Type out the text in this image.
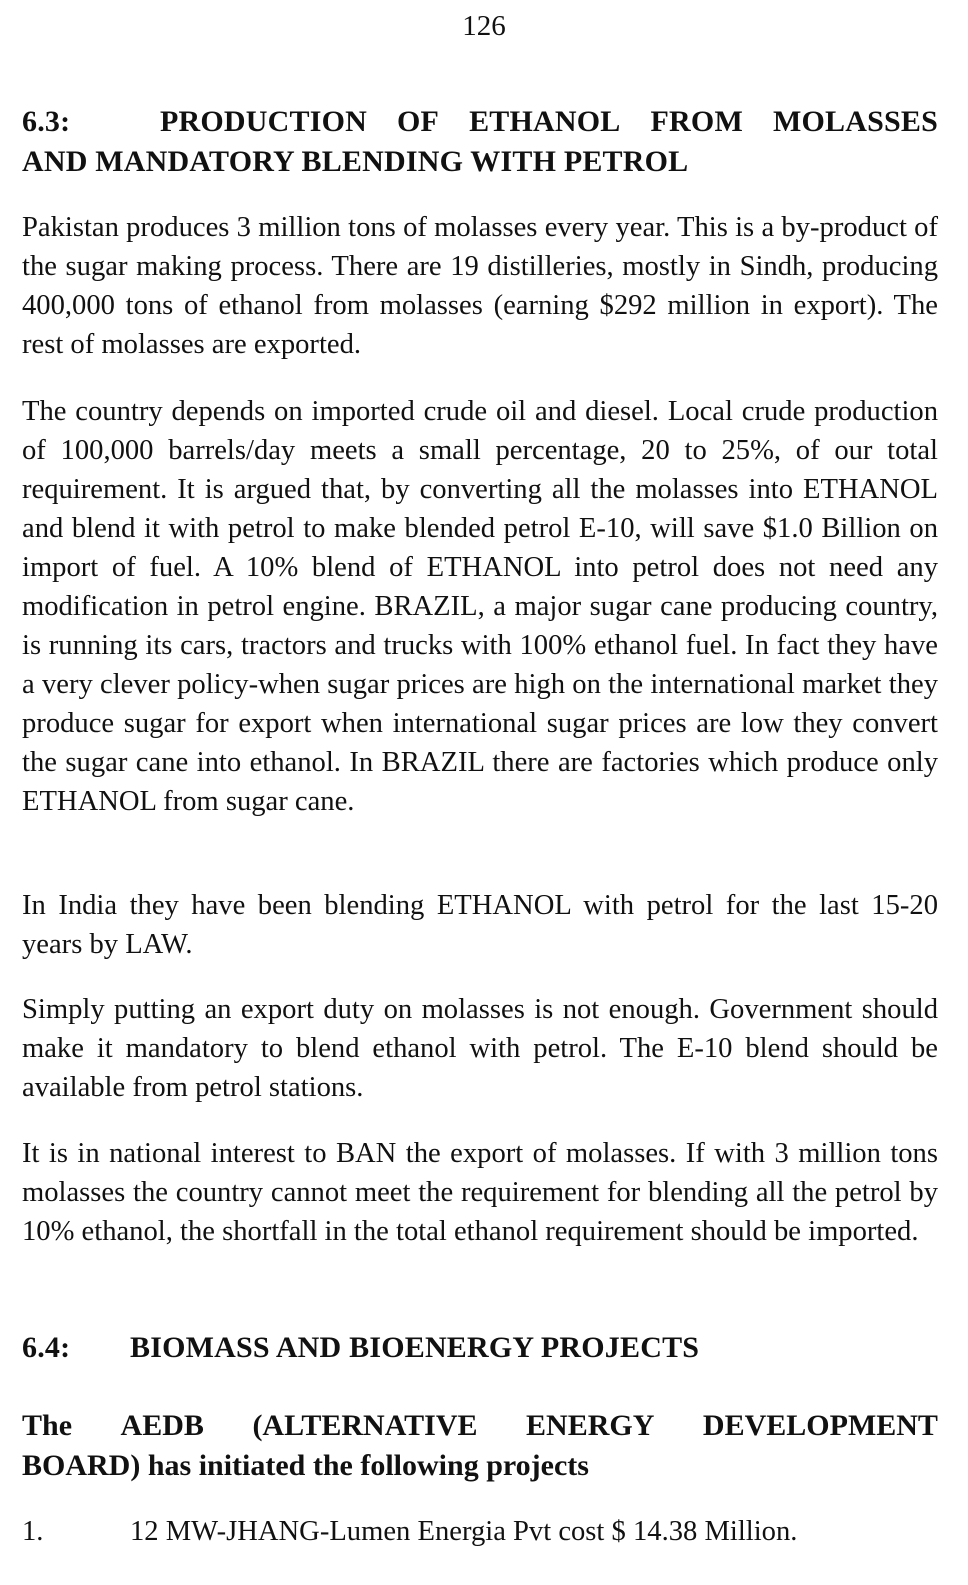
126
6.3:	PRODUCTION OF ETHANOL FROM MOLASSES
AND MANDATORY BLENDING WITH PETROL

Pakistan produces 3 million tons of molasses every year. This is a by-product of the sugar making process. There are 19 distilleries, mostly in Sindh, producing 400,000 tons of ethanol from molasses (earning $292 million in export). The rest of molasses are exported.

The country depends on imported crude oil and diesel. Local crude production of 100,000 barrels/day meets a small percentage, 20 to 25%, of our total requirement. It is argued that, by converting all the molasses into ETHANOL and blend it with petrol to make blended petrol E-10, will save $1.0 Billion on import of fuel. A 10% blend of ETHANOL into petrol does not need any modification in petrol engine. BRAZIL, a major sugar cane producing country, is running its cars, tractors and trucks with 100% ethanol fuel. In fact they have a very clever policy-when sugar prices are high on the international market they produce sugar for export when international sugar prices are low they convert the sugar cane into ethanol. In BRAZIL there are factories which produce only ETHANOL from sugar cane.

In India they have been blending ETHANOL with petrol for the last 15-20 years by LAW.

Simply putting an export duty on molasses is not enough. Government should make it mandatory to blend ethanol with petrol. The E-10 blend should be available from petrol stations.

It is in national interest to BAN the export of molasses. If with 3 million tons molasses the country cannot meet the requirement for blending all the petrol by 10% ethanol, the shortfall in the total ethanol requirement should be imported.

6.4:	BIOMASS AND BIOENERGY PROJECTS
The AEDB (ALTERNATIVE ENERGY DEVELOPMENT
BOARD) has initiated the following projects
1.	12 MW-JHANG-Lumen Energia Pvt cost $ 14.38 Million.
